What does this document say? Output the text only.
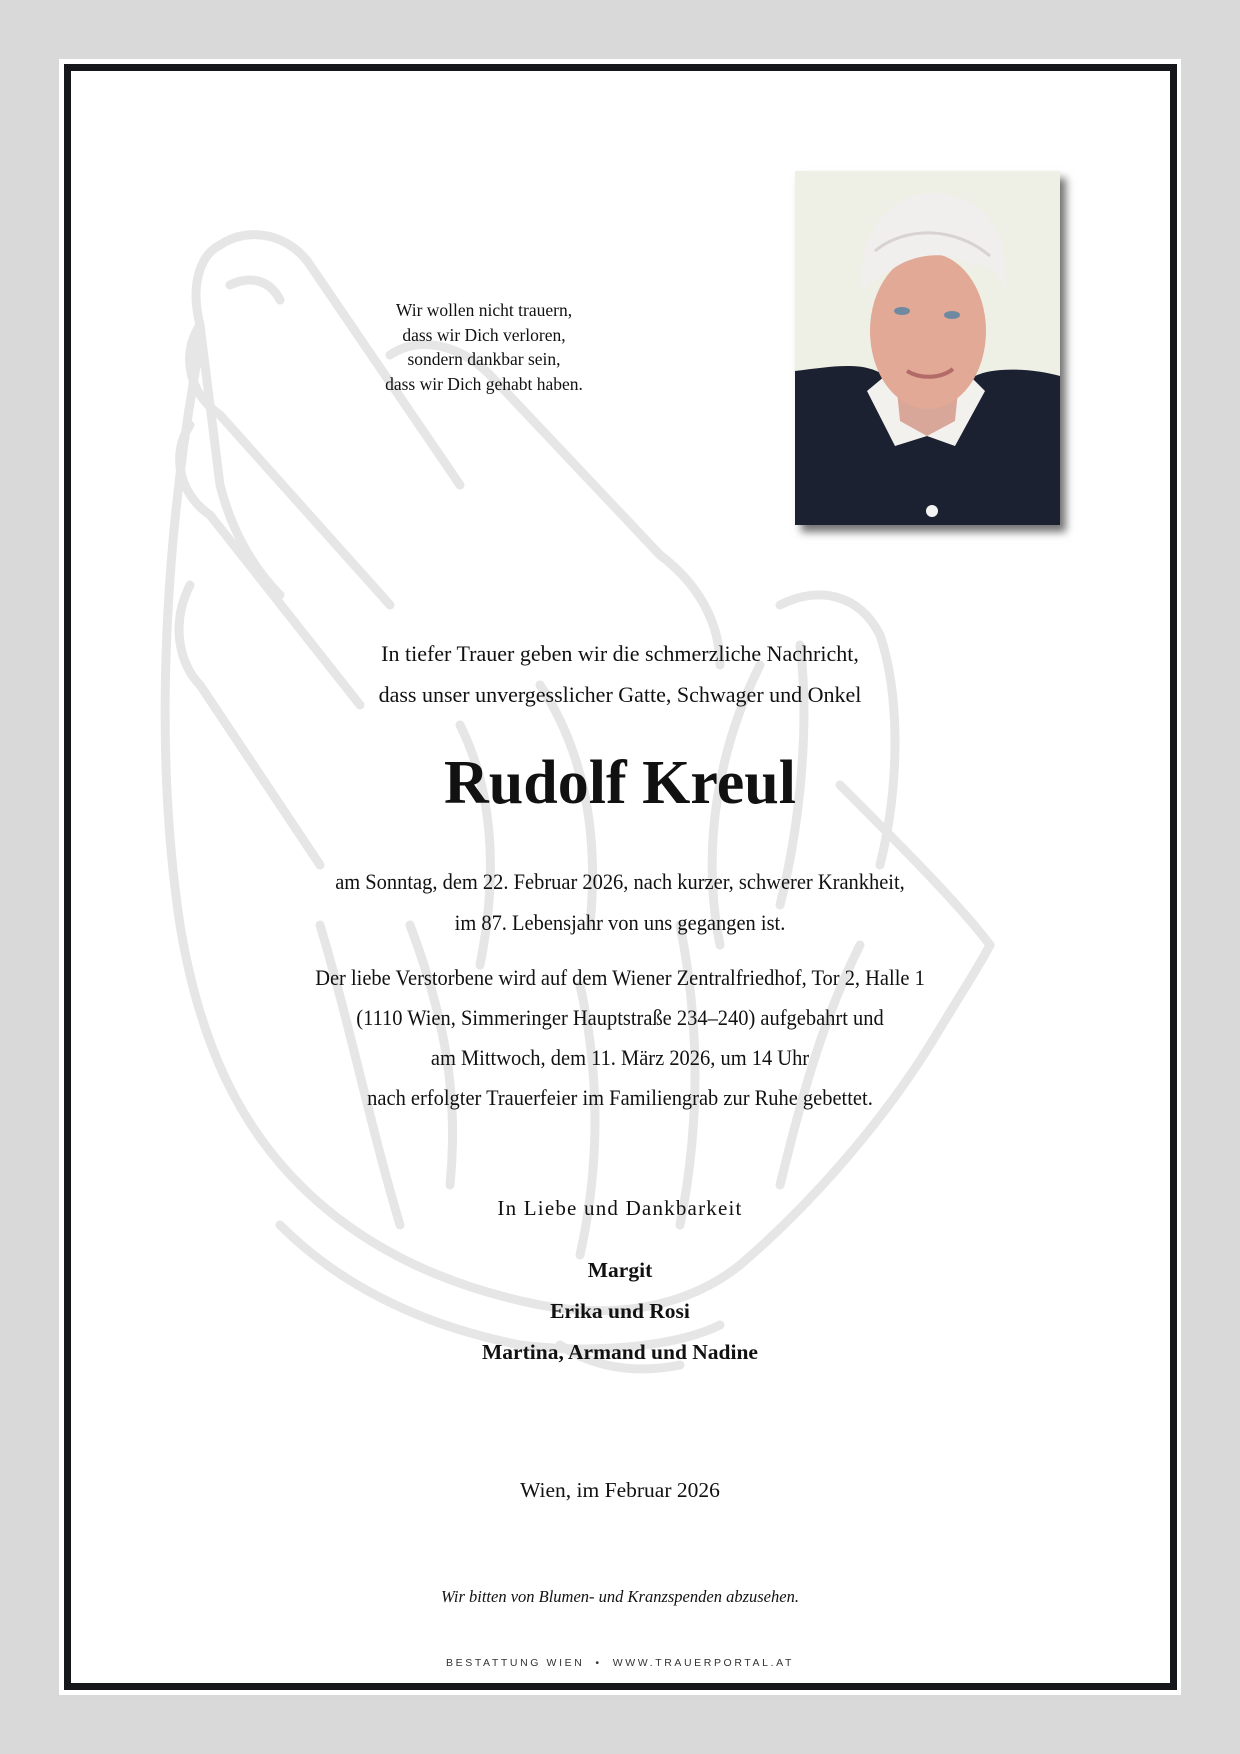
Wir wollen nicht trauern,
dass wir Dich verloren,
sondern dankbar sein,
dass wir Dich gehabt haben.
In tiefer Trauer geben wir die schmerzliche Nachricht,
dass unser unvergesslicher Gatte, Schwager und Onkel
Rudolf Kreul
am Sonntag, dem 22. Februar 2026, nach kurzer, schwerer Krankheit,
im 87. Lebensjahr von uns gegangen ist.
Der liebe Verstorbene wird auf dem Wiener Zentralfriedhof, Tor 2, Halle 1
(1110 Wien, Simmeringer Hauptstraße 234–240) aufgebahrt und
am Mittwoch, dem 11. März 2026, um 14 Uhr
nach erfolgter Trauerfeier im Familiengrab zur Ruhe gebettet.
In Liebe und Dankbarkeit
Margit
Erika und Rosi
Martina, Armand und Nadine
Wien, im Februar 2026
Wir bitten von Blumen- und Kranzspenden abzusehen.
BESTATTUNG WIEN  •  WWW.TRAUERPORTAL.AT
